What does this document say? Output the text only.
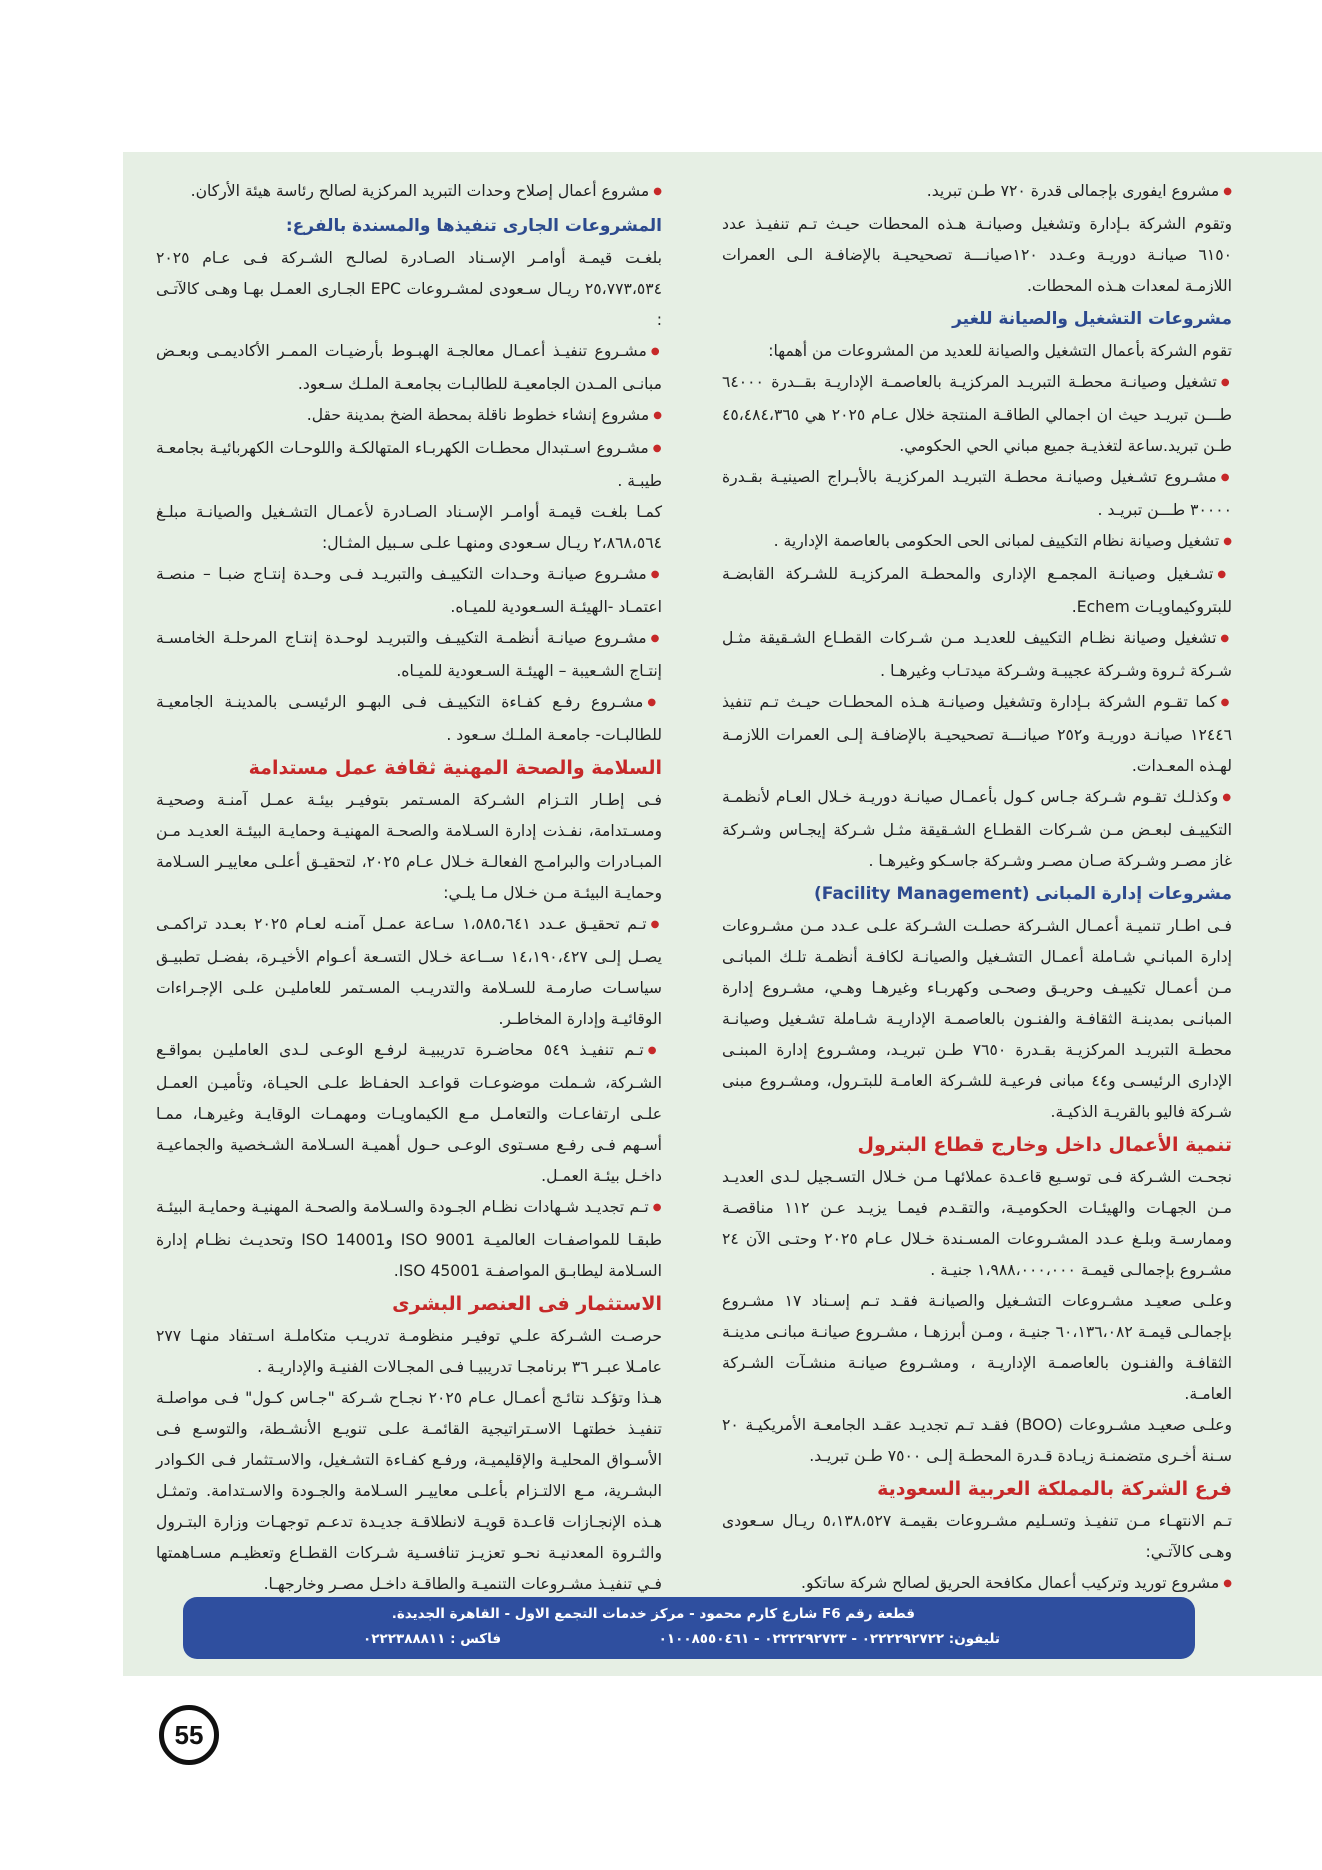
● مشروع ايفورى بإجمالى قدرة ٧٢٠ طـن تبريد.

وتقوم الشركة بـإدارة وتشغيل وصيانـة هـذه المحطات حيـث تـم تنفيـذ عدد ٦١٥٠ صيانـة دوريـة وعـدد ١٢٠صيانـــة تصحيحيـة بالإضافـة الـى العمرات اللازمـة لمعدات هـذه المحطات.

مشروعات التشغيل والصيانة للغير

تقوم الشركة بأعمال التشغيل والصيانة للعديد من المشروعات من أهمها:

● تشغيل وصيانـة محطـة التبريـد المركزيـة بالعاصمـة الإداريـة بقــدرة ٦٤٠٠٠ طـــن تبريـد حيث ان اجمالي الطاقـة المنتجة خلال عـام ٢٠٢٥ هي ٤٥،٤٨٤،٣٦٥ طـن تبريد.ساعة لتغذيـة جميع مباني الحي الحكومي.

● مشـروع تشـغيل وصيانـة محطـة التبريـد المركزيـة بالأبـراج الصينيـة بقـدرة ٣٠٠٠٠ طـــن تبريـد .

● تشغيل وصيانة نظام التكييف لمبانى الحى الحكومى بالعاصمة الإدارية .

● تشـغيل وصيانـة المجمـع الإدارى والمحطـة المركزيـة للشـركة القابضـة للبتروكيماويـات Echem.

● تشغيل وصيانة نظـام التكييف للعديـد مـن شـركات القطـاع الشـقيقة مثـل شـركة ثـروة وشـركة عجيبـة وشـركة ميدتـاب وغيرهـا .

● كما تقـوم الشركة بـإدارة وتشغيل وصيانـة هـذه المحطـات حيـث تـم تنفيذ ١٢٤٤٦ صيانـة دوريـة و٢٥٢ صيانـــة تصحيحيـة بالإضافـة إلـى العمرات اللازمـة لهـذه المعـدات.

● وكذلـك تقـوم شـركة جـاس كـول بأعمـال صيانـة دوريـة خـلال العـام لأنظمـة التكييـف لبعـض مـن شـركات القطـاع الشـقيقة مثـل شـركة إيجـاس وشـركة غاز مصـر وشـركة صـان مصـر وشـركة جاسـكو وغيرهـا .

مشروعات إدارة المبانى (Facility Management)

فـى اطـار تنميـة أعمـال الشـركة حصلـت الشـركة علـى عـدد مـن مشـروعات إدارة المبانـي شـاملة أعمـال التشـغيل والصيانـة لكافـة أنظمـة تلـك المبانـى مـن أعمـال تكييـف وحريـق وصحـى وكهربـاء وغيرهـا وهـي، مشـروع إدارة المبانـى بمدينـة الثقافـة والفنـون بالعاصمـة الإداريـة شـاملة تشـغيل وصيانـة محطـة التبريـد المركزيـة بقـدرة ٧٦٥٠ طـن تبريـد، ومشـروع إدارة المبنـى الإدارى الرئيسـى و٤٤ مبانى فرعيـة للشـركة العامـة للبتـرول، ومشـروع مبنى شـركة فاليو بالقريـة الذكيـة.

تنمية الأعمال داخل وخارج قطاع البترول

نجحـت الشـركة فـى توسـيع قاعـدة عملائهـا مـن خـلال التسـجيل لـدى العديـد مـن الجهـات والهيئـات الحكوميـة، والتقـدم فيمـا يزيـد عـن ١١٢ مناقصـة وممارسـة وبلـغ عـدد المشـروعات المسـندة خـلال عـام ٢٠٢٥ وحتـى الآن ٢٤ مشـروع بإجمالـى قيمـة ١،٩٨٨،٠٠٠،٠٠٠ جنيـة .

وعلـى صعيـد مشـروعات التشـغيل والصيانـة فقـد تـم إسـناد ١٧ مشـروع بإجمالـى قيمـة ٦٠،١٣٦،٠٨٢ جنيـة ، ومـن أبرزهـا ، مشـروع صيانـة مبانـى مدينـة الثقافـة والفنـون بالعاصمـة الإداريـة ، ومشـروع صيانـة منشـآت الشـركة العامـة.

وعلـى صعيـد مشـروعات (BOO) فقـد تـم تجديـد عقـد الجامعـة الأمريكيـة ٢٠ سـنة أخـرى متضمنـة زيـادة قـدرة المحطـة إلـى ٧٥٠٠ طـن تبريـد.

فرع الشركة بالمملكة العربية السعودية

تـم الانتهـاء مـن تنفيـذ وتسـليم مشـروعات بقيمـة ٥،١٣٨،٥٢٧ ريـال سـعودى وهـى كالآتـي:

● مشروع توريد وتركيب أعمال مكافحة الحريق لصالح شركة ساتكو.

● مشروع أعمال إصلاح وحدات التبريد المركزية لصالح رئاسة هيئة الأركان.

المشروعات الجارى تنفيذها والمسندة بالفرع:

بلغـت قيمـة أوامـر الإسـناد الصـادرة لصالـح الشـركة فـى عـام ٢٠٢٥ ٢٥،٧٧٣،٥٣٤ ريـال سـعودى لمشـروعات EPC الجـارى العمـل بهـا وهـى كالآتـى :

● مشـروع تنفيـذ أعمـال معالجـة الهبـوط بأرضيـات الممـر الأكاديمـى وبعـض مبانـى المـدن الجامعيـة للطالبـات بجامعـة الملـك سـعود.

● مشروع إنشاء خطوط ناقلة بمحطة الضخ بمدينة حقل.

● مشـروع اسـتبدال محطـات الكهربـاء المتهالكـة واللوحـات الكهربائيـة بجامعـة طيبـة .

كمـا بلغـت قيمـة أوامـر الإسـناد الصـادرة لأعمـال التشـغيل والصيانـة مبلـغ ٢،٨٦٨،٥٦٤ ريـال سـعودى ومنهـا علـى سـبيل المثـال:

● مشـروع صيانـة وحـدات التكييـف والتبريـد فـى وحـدة إنتـاج ضبـا – منصـة اعتمـاد -الهيئـة السـعودية للميـاه.

● مشـروع صيانـة أنظمـة التكييـف والتبريـد لوحـدة إنتـاج المرحلـة الخامسـة إنتـاج الشـعيبة – الهيئـة السـعودية للميـاه.

● مشـروع رفـع كفـاءة التكييـف فـى البهـو الرئيسـى بالمدينـة الجامعيـة للطالبـات- جامعـة الملـك سـعود .

السلامة والصحة المهنية ثقافة عمل مستدامة

فـى إطـار التـزام الشـركة المسـتمر بتوفيـر بيئـة عمـل آمنـة وصحيـة ومسـتدامة، نفـذت إدارة السـلامة والصحـة المهنيـة وحمايـة البيئـة العديـد مـن المبـادرات والبرامـج الفعالـة خـلال عـام ٢٠٢٥، لتحقيـق أعلـى معاييـر السـلامة وحمايـة البيئـة مـن خـلال مـا يلـي:

● تـم تحقيـق عـدد ١،٥٨٥،٦٤١ سـاعة عمـل آمنـه لعـام ٢٠٢٥ بعـدد تراكمـى يصـل إلـى ١٤،١٩٠،٤٢٧ ســاعة خـلال التسـعة أعـوام الأخيـرة، بفضـل تطبيـق سياسـات صارمـة للسـلامة والتدريـب المسـتمر للعامليـن علـى الإجـراءات الوقائيـة وإدارة المخاطـر.

● تـم تنفيـذ ٥٤٩ محاضـرة تدريبيـة لرفـع الوعـى لـدى العامليـن بمواقـع الشـركة، شـملت موضوعـات قواعـد الحفـاظ علـى الحيـاة، وتأميـن العمـل علـى ارتفاعـات والتعامـل مـع الكيماويـات ومهمـات الوقايـة وغيرهـا، ممـا أسـهم فـى رفـع مسـتوى الوعـى حـول أهميـة السـلامة الشـخصية والجماعيـة داخـل بيئـة العمـل.

● تـم تجديـد شـهادات نظـام الجـودة والسـلامة والصحـة المهنيـة وحمايـة البيئـة طبقـا للمواصفـات العالميـة ISO 9001 وISO 14001 وتحديـث نظـام إدارة السـلامة ليطابـق المواصفـة ISO 45001.

الاستثمار فى العنصر البشرى

حرصـت الشـركة علـي توفيـر منظومـة تدريـب متكاملـة اسـتفاد منهـا ٢٧٧ عامـلا عبـر ٣٦ برنامجـا تدريبيـا فـى المجـالات الفنيـة والإداريـة .

هـذا وتؤكـد نتائـج أعمـال عـام ٢٠٢٥ نجـاح شـركة "جـاس كـول" فـى مواصلـة تنفيـذ خطتهـا الاسـتراتيجية القائمـة علـى تنويـع الأنشـطة، والتوسـع فـى الأسـواق المحليـة والإقليميـة، ورفـع كفـاءة التشـغيل، والاسـتثمار فـى الكـوادر البشـرية، مـع الالتـزام بأعلـى معاييـر السـلامة والجـودة والاسـتدامة. وتمثـل هـذه الإنجـازات قاعـدة قويـة لانطلاقـة جديـدة تدعـم توجهـات وزارة البتـرول والثـروة المعدنيـة نحـو تعزيـز تنافسـية شـركات القطـاع وتعظيـم مسـاهمتها فـي تنفيـذ مشـروعات التنميـة والطاقـة داخـل مصـر وخارجهـا.

قطعة رقم F6 شارع كارم محمود - مركز خدمات التجمع الاول - القاهرة الجديدة.
تليفون: ٠٢٢٢٢٩٢٧٢٢ - ٠٢٢٢٢٩٢٧٢٣ - ٠١٠٠٨٥٥٠٤٦١
فاكس : ٠٢٢٢٣٨٨٨١١
55
